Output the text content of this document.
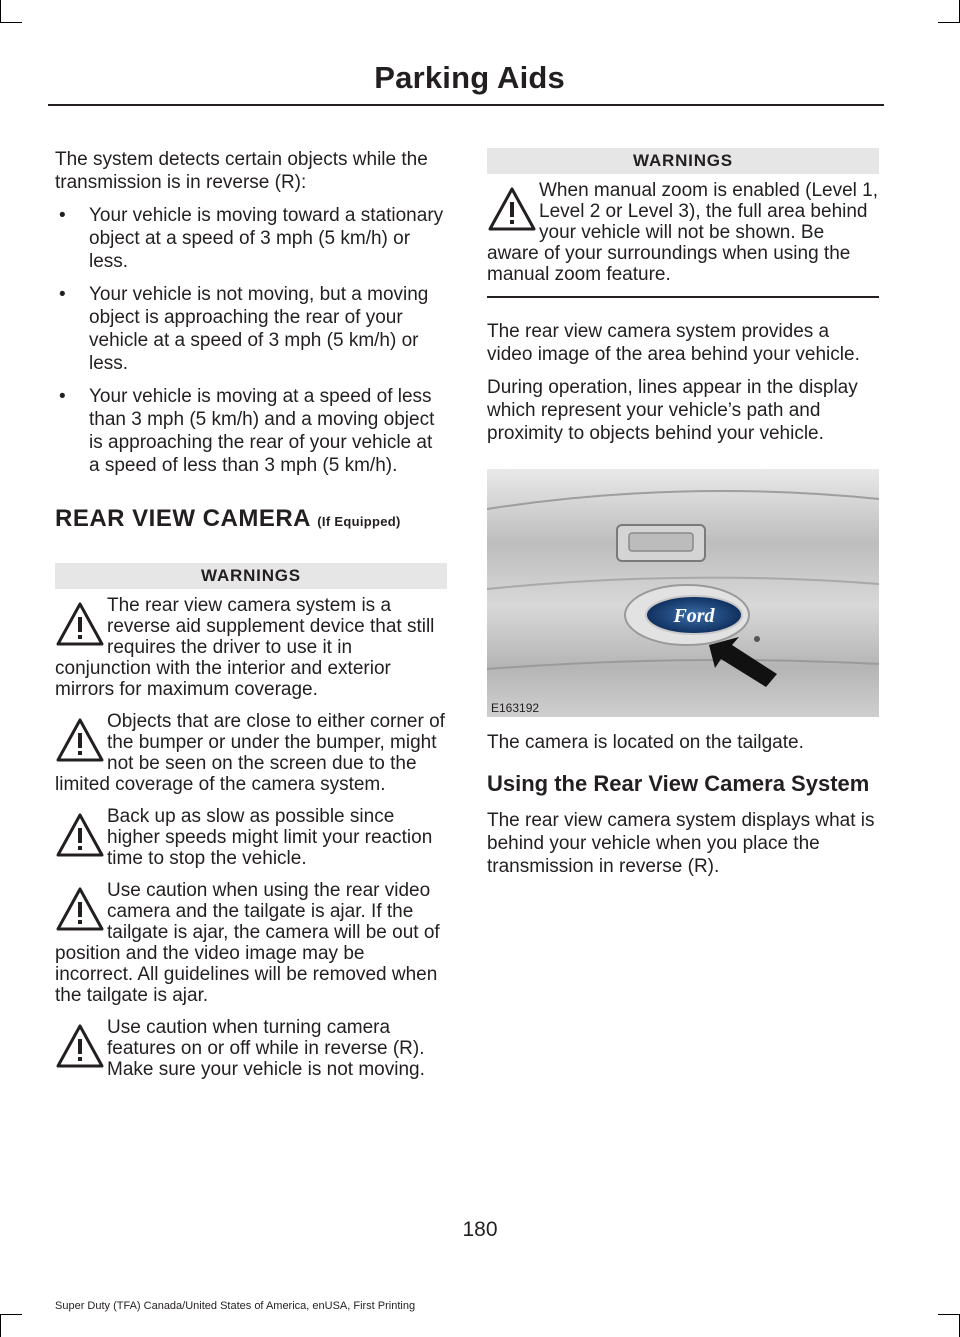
Parking Aids

The system detects certain objects while the transmission is in reverse (R):

• Your vehicle is moving toward a stationary object at a speed of 3 mph (5 km/h) or less.
• Your vehicle is not moving, but a moving object is approaching the rear of your vehicle at a speed of 3 mph (5 km/h) or less.
• Your vehicle is moving at a speed of less than 3 mph (5 km/h) and a moving object is approaching the rear of your vehicle at a speed of less than 3 mph (5 km/h).
REAR VIEW CAMERA (If Equipped)
WARNINGS
The rear view camera system is a reverse aid supplement device that still requires the driver to use it in conjunction with the interior and exterior mirrors for maximum coverage.
Objects that are close to either corner of the bumper or under the bumper, might not be seen on the screen due to the limited coverage of the camera system.
Back up as slow as possible since higher speeds might limit your reaction time to stop the vehicle.
Use caution when using the rear video camera and the tailgate is ajar. If the tailgate is ajar, the camera will be out of position and the video image may be incorrect. All guidelines will be removed when the tailgate is ajar.
Use caution when turning camera features on or off while in reverse (R). Make sure your vehicle is not moving.
WARNINGS
When manual zoom is enabled (Level 1, Level 2 or Level 3), the full area behind your vehicle will not be shown. Be aware of your surroundings when using the manual zoom feature.

The rear view camera system provides a video image of the area behind your vehicle.

During operation, lines appear in the display which represent your vehicle’s path and proximity to objects behind your vehicle.

Ford
E163192

The camera is located on the tailgate.

Using the Rear View Camera System

The rear view camera system displays what is behind your vehicle when you place the transmission in reverse (R).

180
Super Duty (TFA) Canada/United States of America, enUSA, First Printing
